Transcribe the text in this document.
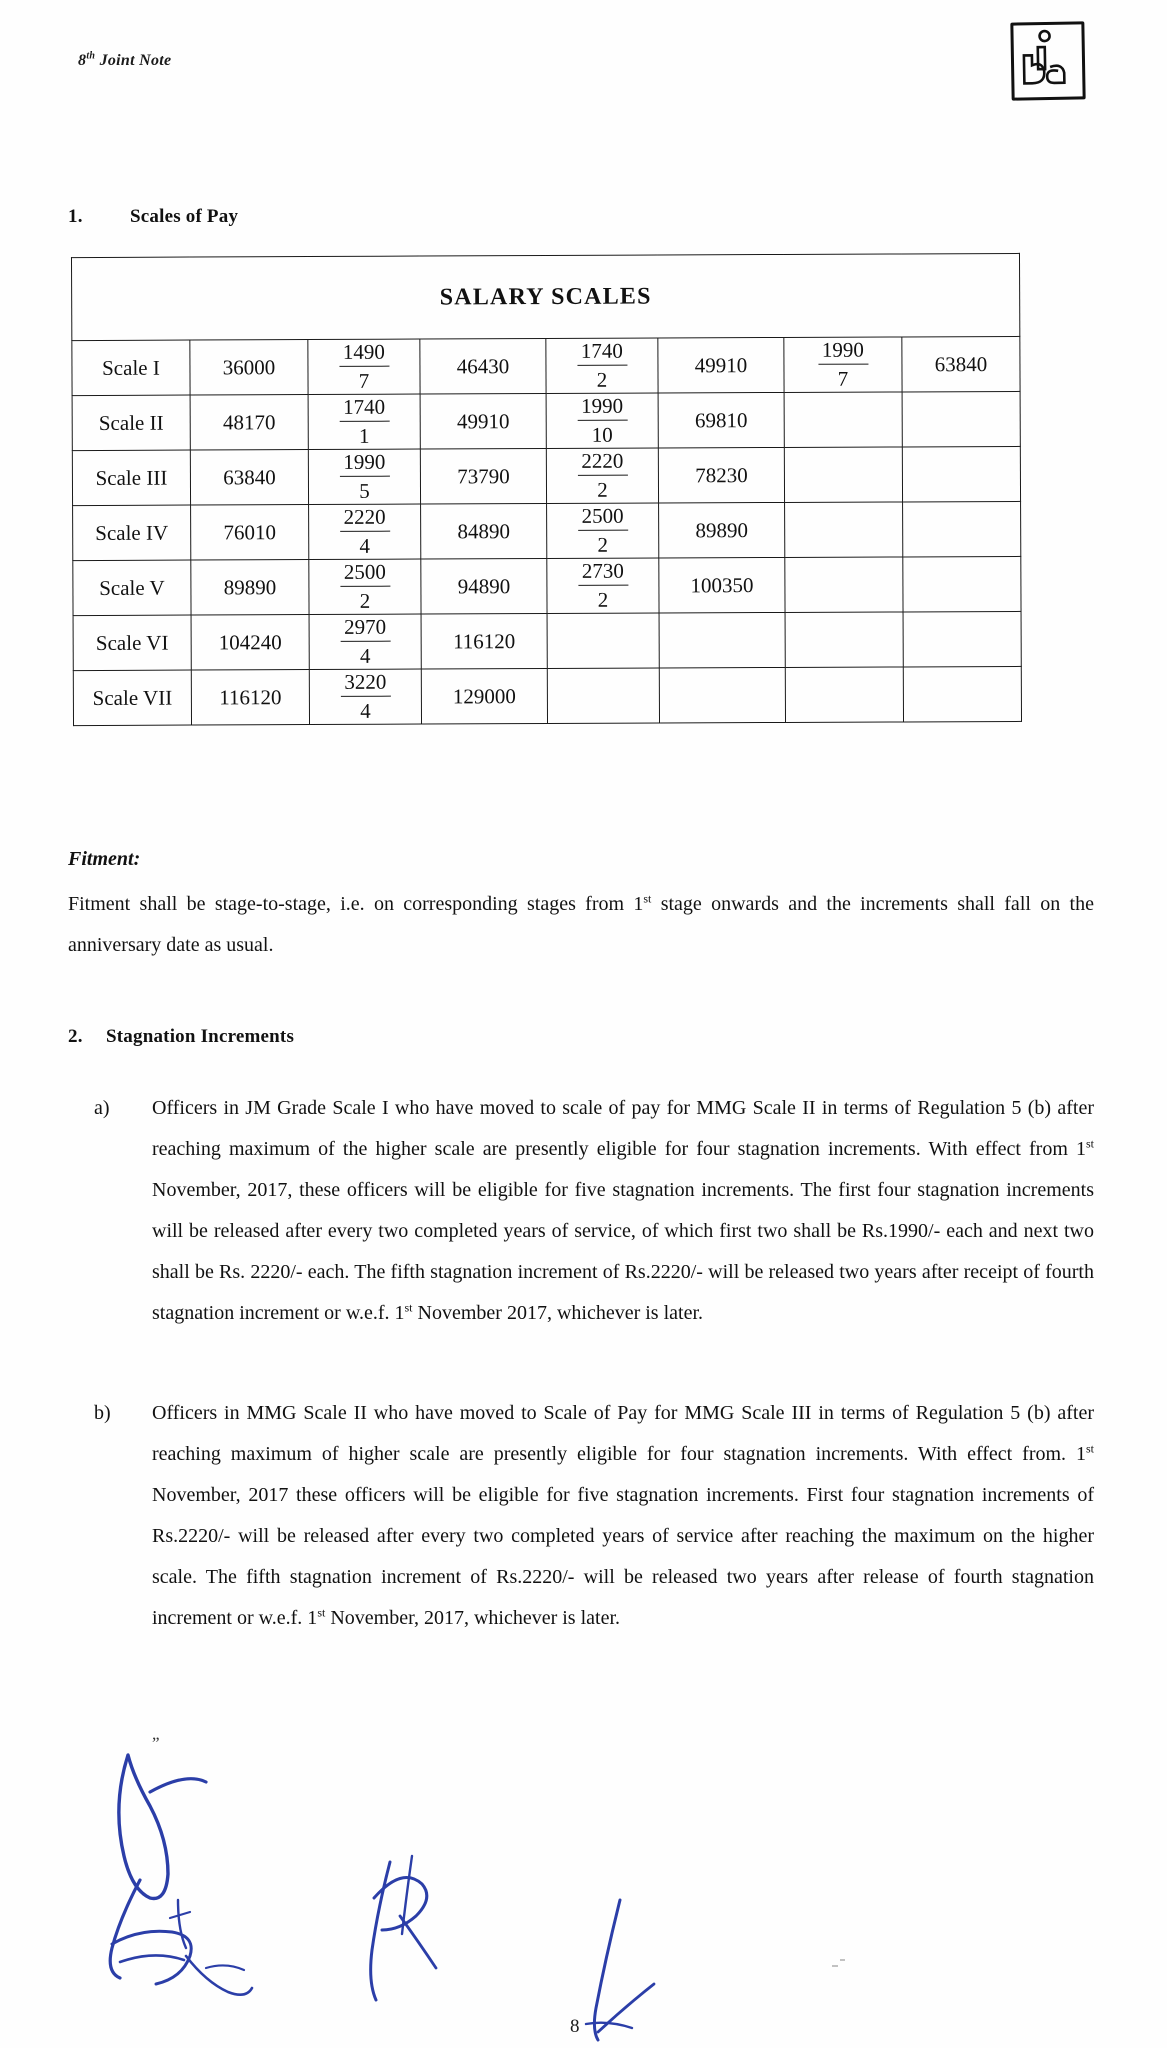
8th Joint Note
1. Scales of Pay
SALARY SCALES							
Scale I	36000	$\frac{1490}{7}$	46430	$\frac{1740}{2}$	49910	$\frac{1990}{7}$	63840
Scale II	48170	$\frac{1740}{1}$	49910	$\frac{1990}{10}$	69810		
Scale III	63840	$\frac{1990}{5}$	73790	$\frac{2220}{2}$	78230		
Scale IV	76010	$\frac{2220}{4}$	84890	$\frac{2500}{2}$	89890		
Scale V	89890	$\frac{2500}{2}$	94890	$\frac{2730}{2}$	100350		
Scale VI	104240	$\frac{2970}{4}$	116120				
Scale VII	116120	$\frac{3220}{4}$	129000				
Fitment:
Fitment shall be stage-to-stage, i.e. on corresponding stages from 1st stage onwards and the increments shall fall on the anniversary date as usual.
2. Stagnation Increments
a)	Officers in JM Grade Scale I who have moved to scale of pay for MMG Scale II in terms of Regulation 5 (b) after reaching maximum of the higher scale are presently eligible for four stagnation increments. With effect from 1st November, 2017, these officers will be eligible for five stagnation increments. The first four stagnation increments will be released after every two completed years of service, of which first two shall be Rs.1990/- each and next two shall be Rs. 2220/- each. The fifth stagnation increment of Rs.2220/- will be released two years after receipt of fourth stagnation increment or w.e.f. 1st November 2017, whichever is later.
b)	Officers in MMG Scale II who have moved to Scale of Pay for MMG Scale III in terms of Regulation 5 (b) after reaching maximum of higher scale are presently eligible for four stagnation increments. With effect from. 1st November, 2017 these officers will be eligible for five stagnation increments. First four stagnation increments of Rs.2220/- will be released after every two completed years of service after reaching the maximum on the higher scale. The fifth stagnation increment of Rs.2220/- will be released two years after release of fourth stagnation increment or w.e.f. 1st November, 2017, whichever is later.
ˮ
8
